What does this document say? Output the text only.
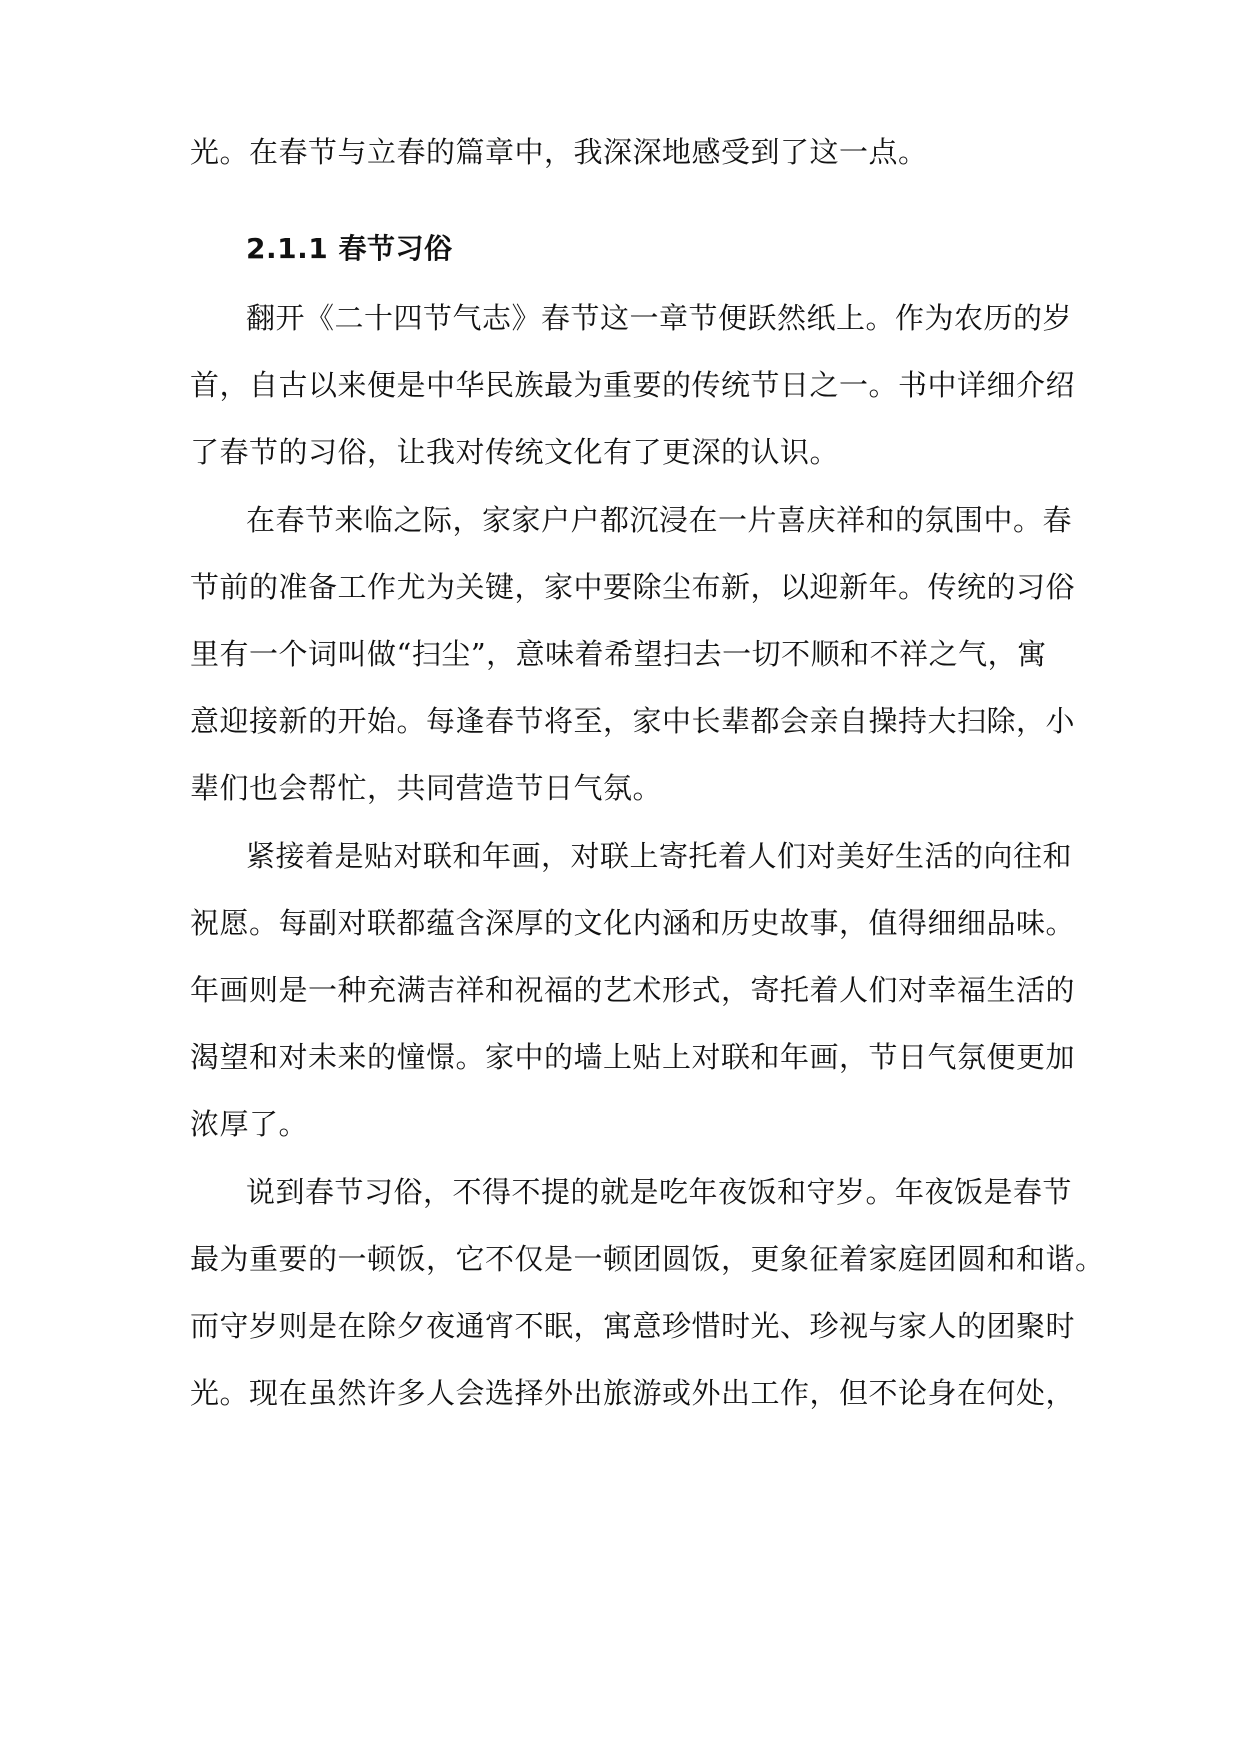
光。在春节与立春的篇章中，我深深地感受到了这一点。
2.1.1 春节习俗
翻开《二十四节气志》春节这一章节便跃然纸上。作为农历的岁
首，自古以来便是中华民族最为重要的传统节日之一。书中详细介绍
了春节的习俗，让我对传统文化有了更深的认识。
在春节来临之际，家家户户都沉浸在一片喜庆祥和的氛围中。春
节前的准备工作尤为关键，家中要除尘布新，以迎新年。传统的习俗
里有一个词叫做“扫尘”，意味着希望扫去一切不顺和不祥之气，寓
意迎接新的开始。每逢春节将至，家中长辈都会亲自操持大扫除，小
辈们也会帮忙，共同营造节日气氛。
紧接着是贴对联和年画，对联上寄托着人们对美好生活的向往和
祝愿。每副对联都蕴含深厚的文化内涵和历史故事，值得细细品味。
年画则是一种充满吉祥和祝福的艺术形式，寄托着人们对幸福生活的
渴望和对未来的憧憬。家中的墙上贴上对联和年画，节日气氛便更加
浓厚了。
说到春节习俗，不得不提的就是吃年夜饭和守岁。年夜饭是春节
最为重要的一顿饭，它不仅是一顿团圆饭，更象征着家庭团圆和和谐。
而守岁则是在除夕夜通宵不眠，寓意珍惜时光、珍视与家人的团聚时
光。现在虽然许多人会选择外出旅游或外出工作，但不论身在何处，
